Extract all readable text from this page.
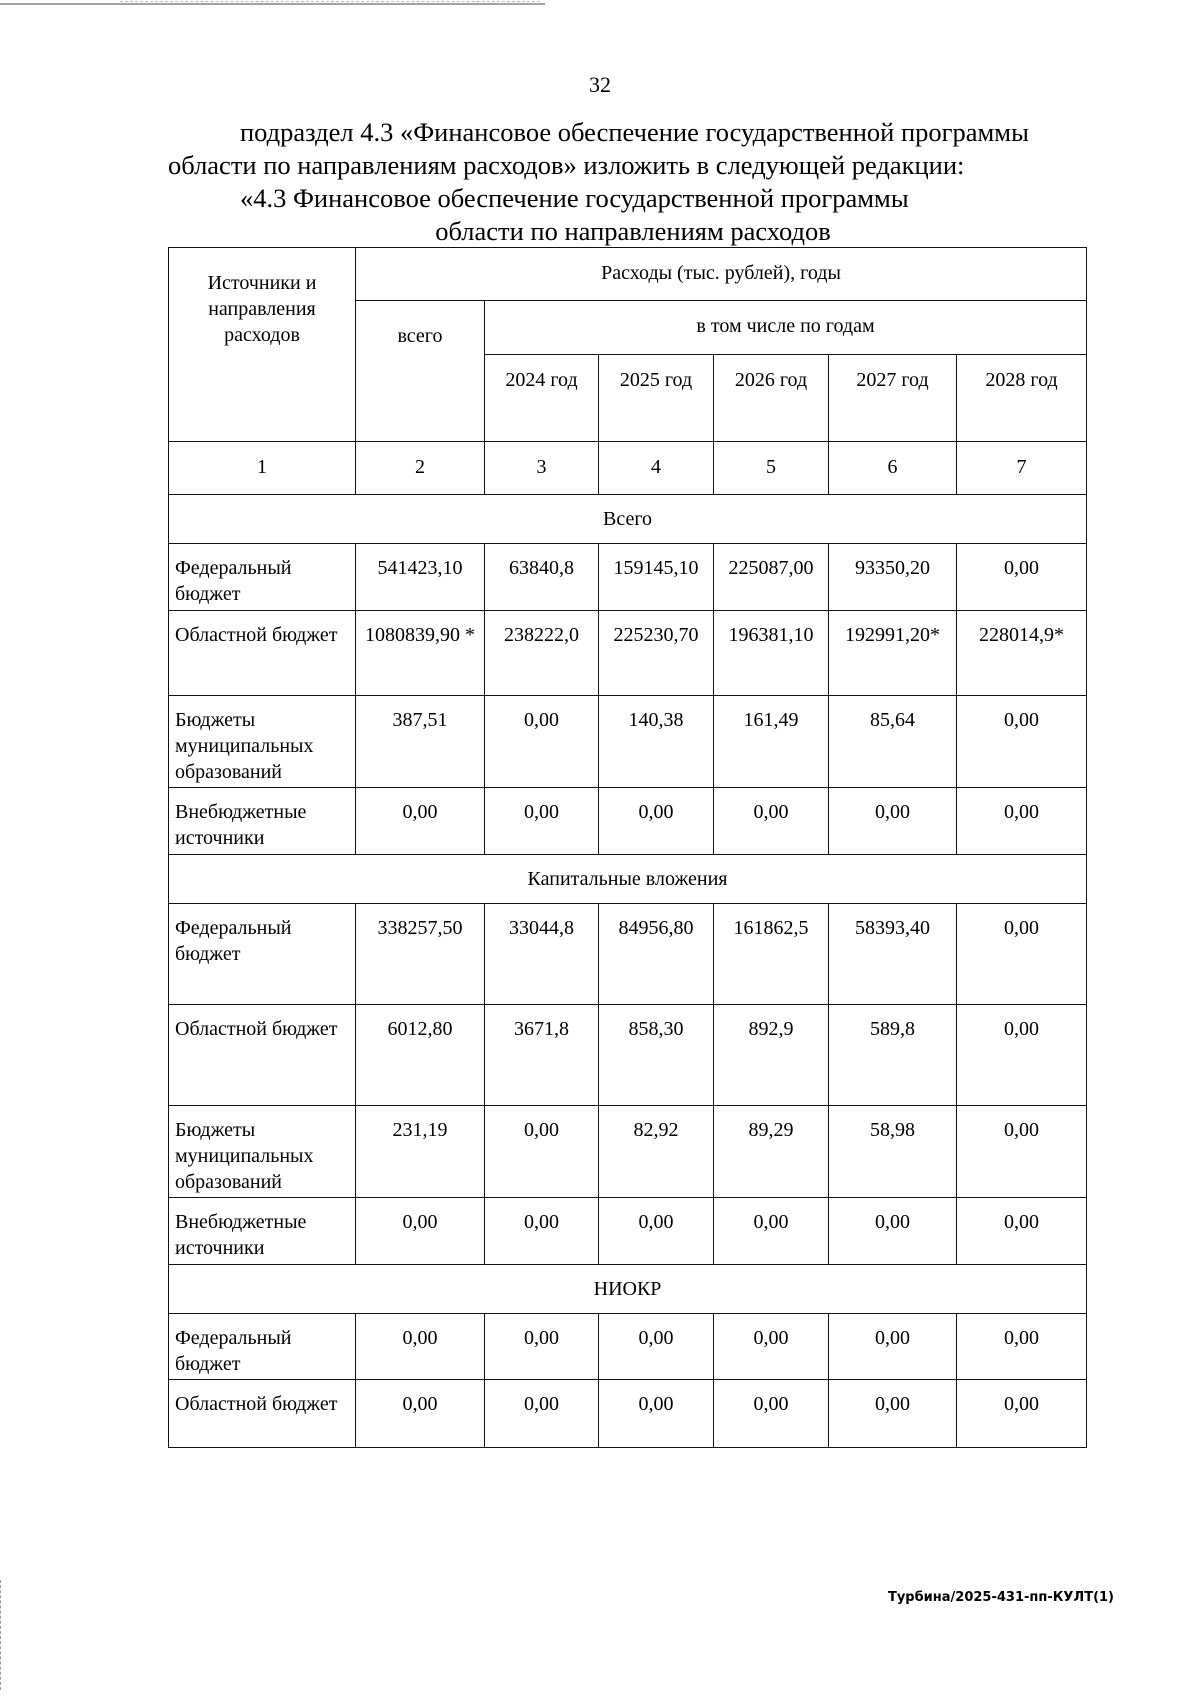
32

подраздел 4.3 «Финансовое обеспечение государственной программы

области по направлениям расходов» изложить в следующей редакции:

«4.3 Финансовое обеспечение государственной программы
области по направлениям расходов
Источники и направления расходов	Расходы (тыс. рублей), годы					
	всего	в том числе по годам				
		2024 год	2025 год	2026 год	2027 год	2028 год
1	2	3	4	5	6	7
Всего						
Федеральный бюджет	541423,10	63840,8	159145,10	225087,00	93350,20	0,00
Областной бюджет	1080839,90 *	238222,0	225230,70	196381,10	192991,20*	228014,9*
Бюджеты муниципальных образований	387,51	0,00	140,38	161,49	85,64	0,00
Внебюджетные источники	0,00	0,00	0,00	0,00	0,00	0,00
Капитальные вложения						
Федеральный бюджет	338257,50	33044,8	84956,80	161862,5	58393,40	0,00
Областной бюджет	6012,80	3671,8	858,30	892,9	589,8	0,00
Бюджеты муниципальных образований	231,19	0,00	82,92	89,29	58,98	0,00
Внебюджетные источники	0,00	0,00	0,00	0,00	0,00	0,00
НИОКР						
Федеральный бюджет	0,00	0,00	0,00	0,00	0,00	0,00
Областной бюджет	0,00	0,00	0,00	0,00	0,00	0,00
Турбина/2025-431-пп-КУЛТ(1)
